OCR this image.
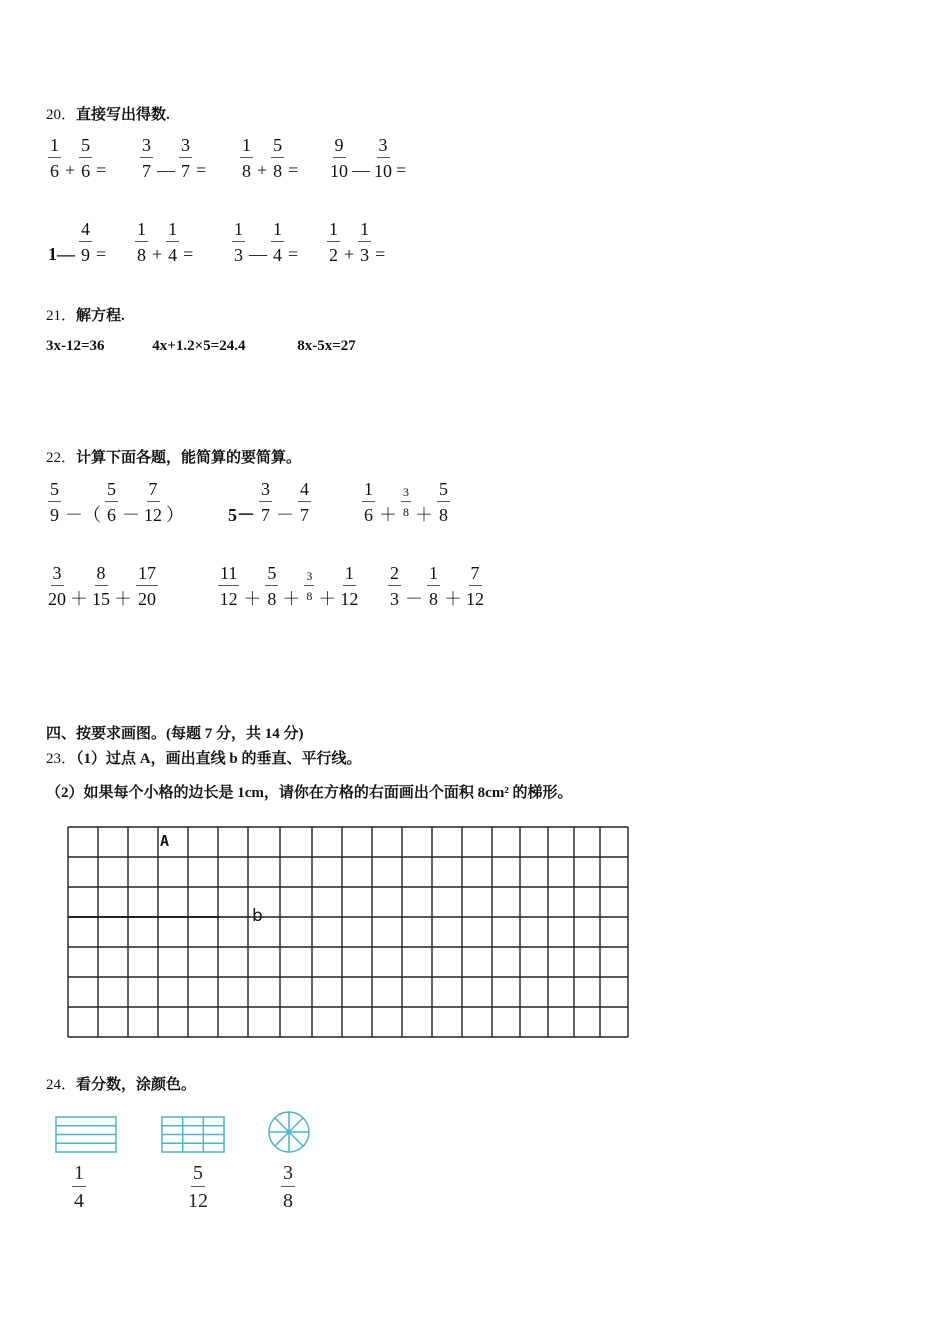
20．直接写出得数.
$\frac{1}{6} + \frac{5}{6} = \frac{3}{7}$ — $\frac{3}{7} = \frac{1}{8} + \frac{5}{8} = \frac{9}{10}$ — $\frac{3}{10}$ =
1— $\frac{4}{9} = \frac{1}{8} + \frac{1}{4} = \frac{1}{3}$ — $\frac{1}{4} = \frac{1}{2} + \frac{1}{3}$ =
21．解方程.
3x-12=36	4x+1.2×5=24.4	8x-5x=27
22．计算下面各题，能简算的要简算。
$\frac{5}{9}$ －（ $\frac{5}{6} - \frac{7}{12}$ ） $5- \frac{3}{7} - \frac{4}{7}$	$\frac{1}{6} + \frac{3}{8} + \frac{5}{8}$
$\frac{3}{20} + \frac{8}{15} + \frac{17}{20}$	$\frac{11}{12} + \frac{5}{8} + \frac{3}{8} + \frac{1}{12} \frac{2}{3} - \frac{1}{8} + \frac{7}{12}$
四、按要求画图。(每题 7 分，共 14 分)
23．（1）过点 A，画出直线 b 的垂直、平行线。
（2）如果每个小格的边长是 1cm，请你在方格的右面画出个面积 8cm² 的梯形。
A
b
24．看分数，涂颜色。
$\frac{1}{4}$	$\frac{5}{12}$	$\frac{3}{8}$
